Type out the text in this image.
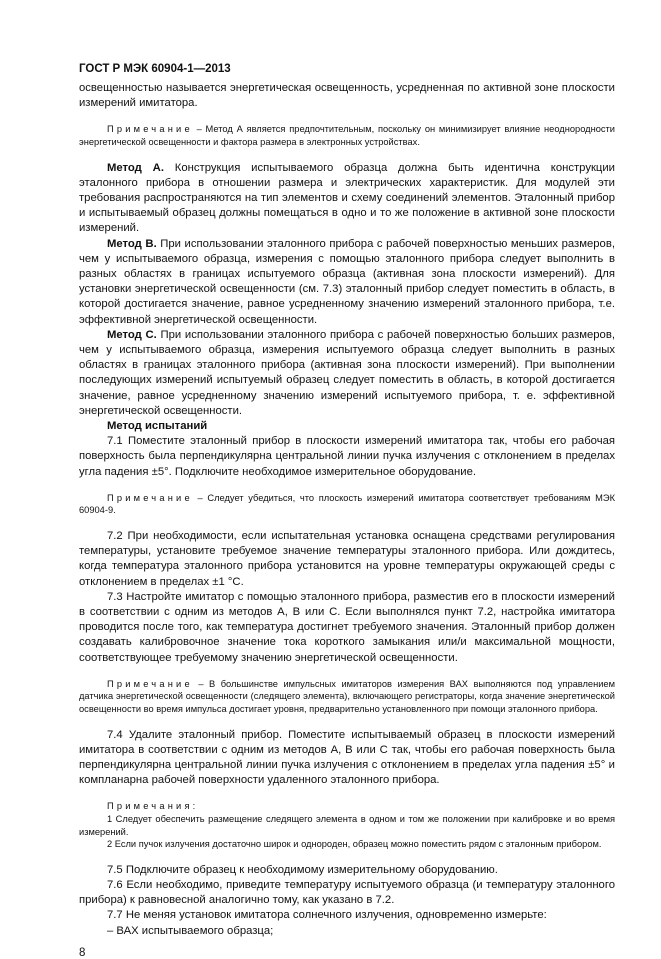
ГОСТ Р МЭК 60904-1—2013

освещенностью называется энергетическая освещенность, усредненная по активной зоне плоскости измерений имитатора.

Примечание – Метод А является предпочтительным, поскольку он минимизирует влияние неоднородности энергетической освещенности и фактора размера в электронных устройствах.

Метод А. Конструкция испытываемого образца должна быть идентична конструкции эталонного прибора в отношении размера и электрических характеристик. Для модулей эти требования распространяются на тип элементов и схему соединений элементов. Эталонный прибор и испытываемый образец должны помещаться в одно и то же положение в активной зоне плоскости измерений.

Метод В. При использовании эталонного прибора с рабочей поверхностью меньших размеров, чем у испытываемого образца, измерения с помощью эталонного прибора следует выполнить в разных областях в границах испытуемого образца (активная зона плоскости измерений). Для установки энергетической освещенности (см. 7.3) эталонный прибор следует поместить в область, в которой достигается значение, равное усредненному значению измерений эталонного прибора, т.е. эффективной энергетической освещенности.

Метод С. При использовании эталонного прибора с рабочей поверхностью больших размеров, чем у испытываемого образца, измерения испытуемого образца следует выполнить в разных областях в границах эталонного прибора (активная зона плоскости измерений). При выполнении последующих измерений испытуемый образец следует поместить в область, в которой достигается значение, равное усредненному значению измерений испытуемого прибора, т. е. эффективной энергетической освещенности.

Метод испытаний

7.1 Поместите эталонный прибор в плоскости измерений имитатора так, чтобы его рабочая поверхность была перпендикулярна центральной линии пучка излучения с отклонением в пределах угла падения ±5°. Подключите необходимое измерительное оборудование.

Примечание – Следует убедиться, что плоскость измерений имитатора соответствует требованиям МЭК 60904-9.

7.2 При необходимости, если испытательная установка оснащена средствами регулирования температуры, установите требуемое значение температуры эталонного прибора. Или дождитесь, когда температура эталонного прибора установится на уровне температуры окружающей среды с отклонением в пределах ±1 °С.

7.3 Настройте имитатор с помощью эталонного прибора, разместив его в плоскости измерений в соответствии с одним из методов А, В или С. Если выполнялся пункт 7.2, настройка имитатора проводится после того, как температура достигнет требуемого значения. Эталонный прибор должен создавать калибровочное значение тока короткого замыкания или/и максимальной мощности, соответствующее требуемому значению энергетической освещенности.

Примечание – В большинстве импульсных имитаторов измерения ВАХ выполняются под управлением датчика энергетической освещенности (следящего элемента), включающего регистраторы, когда значение энергетической освещенности во время импульса достигает уровня, предварительно установленного при помощи эталонного прибора.

7.4 Удалите эталонный прибор. Поместите испытываемый образец в плоскости измерений имитатора в соответствии с одним из методов А, В или С так, чтобы его рабочая поверхность была перпендикулярна центральной линии пучка излучения с отклонением в пределах угла падения ±5° и компланарна рабочей поверхности удаленного эталонного прибора.

Примечания:
1 Следует обеспечить размещение следящего элемента в одном и том же положении при калибровке и во время измерений.
2 Если пучок излучения достаточно широк и однороден, образец можно поместить рядом с эталонным прибором.

7.5 Подключите образец к необходимому измерительному оборудованию.

7.6 Если необходимо, приведите температуру испытуемого образца (и температуру эталонного прибора) к равновесной аналогично тому, как указано в 7.2.

7.7 Не меняя установок имитатора солнечного излучения, одновременно измерьте:

– ВАХ испытываемого образца;

8
